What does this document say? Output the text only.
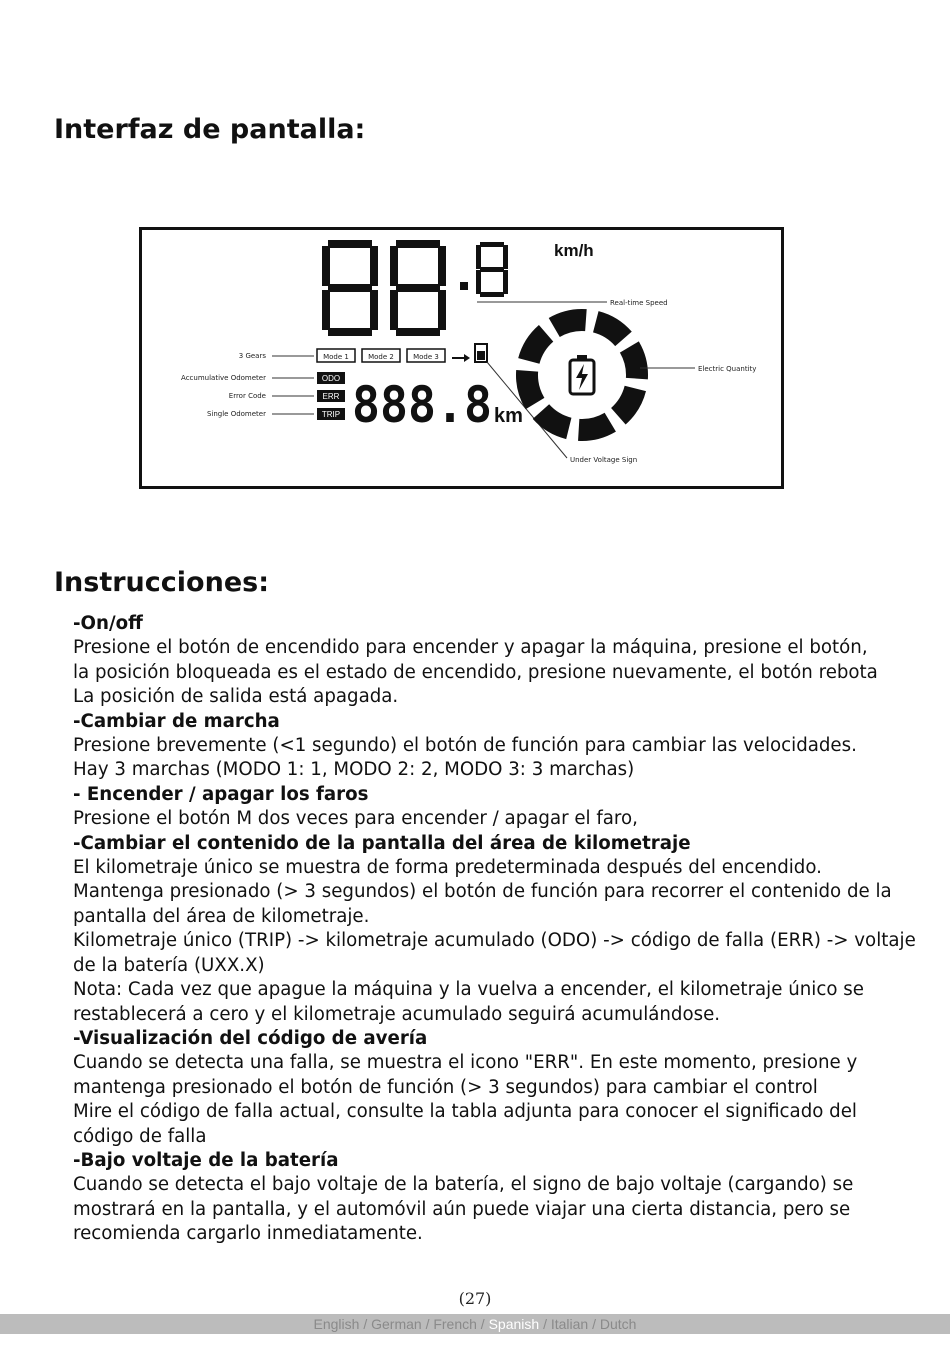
Interfaz de pantalla:
km/h
Real-time Speed
3 Gears
Accumulative Odometer
Error Code
Single Odometer
Mode 1	Mode 2	Mode 3
ODO
ERR
TRIP 888.8 km
Under Voltage Sign
Electric Quantity
Instrucciones:
-On/off
Presione el botón de encendido para encender y apagar la máquina, presione el botón,
la posición bloqueada es el estado de encendido, presione nuevamente, el botón rebota
La posición de salida está apagada.
-Cambiar de marcha
Presione brevemente (<1 segundo) el botón de función para cambiar las velocidades.
Hay 3 marchas (MODO 1: 1, MODO 2: 2, MODO 3: 3 marchas)
- Encender / apagar los faros
Presione el botón M dos veces para encender / apagar el faro,
-Cambiar el contenido de la pantalla del área de kilometraje
El kilometraje único se muestra de forma predeterminada después del encendido.
Mantenga presionado (> 3 segundos) el botón de función para recorrer el contenido de la
pantalla del área de kilometraje.
Kilometraje único (TRIP) -> kilometraje acumulado (ODO) -> código de falla (ERR) -> voltaje
de la batería (UXX.X)
Nota: Cada vez que apague la máquina y la vuelva a encender, el kilometraje único se
restablecerá a cero y el kilometraje acumulado seguirá acumulándose.
-Visualización del código de avería
Cuando se detecta una falla, se muestra el icono "ERR". En este momento, presione y
mantenga presionado el botón de función (> 3 segundos) para cambiar el control
Mire el código de falla actual, consulte la tabla adjunta para conocer el significado del
código de falla
-Bajo voltaje de la batería
Cuando se detecta el bajo voltaje de la batería, el signo de bajo voltaje (cargando) se
mostrará en la pantalla, y el automóvil aún puede viajar una cierta distancia, pero se
recomienda cargarlo inmediatamente.
(27)
English / German / French / Spanish / Italian / Dutch
